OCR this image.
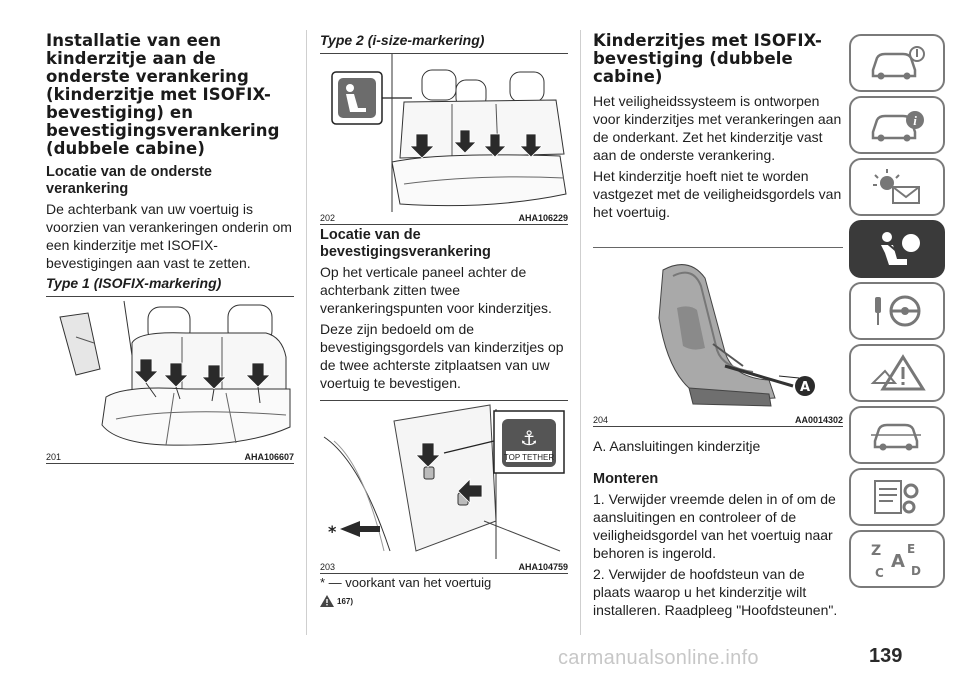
Installatie van een kinderzitje aan de onderste verankering (kinderzitje met ISOFIX-bevestiging) en bevestigingsverankering (dubbele cabine)
Locatie van de onderste verankering

De achterbank van uw voertuig is voorzien van verankeringen onderin om een kinderzitje met ISOFIX-bevestigingen aan vast te zetten.

Type 1 (ISOFIX-markering)
201	AHA106607
Type 2 (i-size-markering)
202	AHA106229
Locatie van de bevestigingsverankering

Op het verticale paneel achter de achterbank zitten twee verankeringspunten voor kinderzitjes.

Deze zijn bedoeld om de bevestigingsgordels van kinderzitjes op de twee achterste zitplaatsen van uw voertuig te bevestigen.

⚓
TOP TETHER
*
203	AHA104759

* — voorkant van het voertuig

167)
Kinderzitjes met ISOFIX-bevestiging (dubbele cabine)

Het veiligheidssysteem is ontworpen voor kinderzitjes met verankeringen aan de onderkant. Zet het kinderzitje vast aan de onderste verankering.

Het kinderzitje hoeft niet te worden vastgezet met de veiligheidsgordels van het voertuig.

A
204	AA0014302

A. Aansluitingen kinderzitje

Monteren

1. Verwijder vreemde delen in of om de aansluitingen en controleer of de veiligheidsgordel van het voertuig naar behoren is ingerold.

2. Verwijder de hoofdsteun van de plaats waarop u het kinderzitje wilt installeren. Raadpleeg "Hoofdsteunen".

i
Z E
A
C D
carmanualsonline.info	139
